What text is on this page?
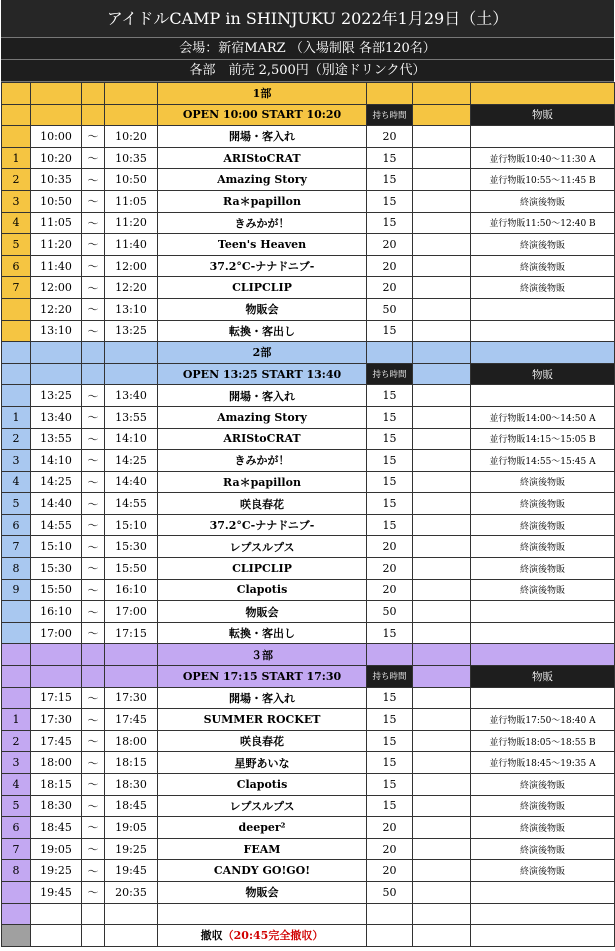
アイドルCAMP in SHINJUKU 2022年1月29日（土）
会場：新宿MARZ （入場制限 各部120名）
各部　前売 2,500円（別途ドリンク代）
				1部			
				OPEN 10:00 START 10:20	持ち時間		物販
	10:00	〜	10:20	開場・客入れ	20		
1	10:20	〜	10:35	ARIStoCRAT	15		並行物販10:40〜11:30 A
2	10:35	〜	10:50	Amazing Story	15		並行物販10:55〜11:45 B
3	10:50	〜	11:05	Ra＊papillon	15		終演後物販
4	11:05	〜	11:20	きみかが！	15		並行物販11:50〜12:40 B
5	11:20	〜	11:40	Teen's Heaven	20		終演後物販
6	11:40	〜	12:00	37.2°C-ナナドニブ-	20		終演後物販
7	12:00	〜	12:20	CLIPCLIP	20		終演後物販
	12:20	〜	13:10	物販会	50		
	13:10	〜	13:25	転換・客出し	15		
				2部			
				OPEN 13:25 START 13:40	持ち時間		物販
	13:25	〜	13:40	開場・客入れ	15		
1	13:40	〜	13:55	Amazing Story	15		並行物販14:00〜14:50 A
2	13:55	〜	14:10	ARIStoCRAT	15		並行物販14:15〜15:05 B
3	14:10	〜	14:25	きみかが！	15		並行物販14:55〜15:45 A
4	14:25	〜	14:40	Ra＊papillon	15		終演後物販
5	14:40	〜	14:55	咲良春花	15		終演後物販
6	14:55	〜	15:10	37.2°C-ナナドニブ-	15		終演後物販
7	15:10	〜	15:30	レプスルプス	20		終演後物販
8	15:30	〜	15:50	CLIPCLIP	20		終演後物販
9	15:50	〜	16:10	Clapotis	20		終演後物販
	16:10	〜	17:00	物販会	50		
	17:00	〜	17:15	転換・客出し	15		
				３部			
				OPEN 17:15 START 17:30	持ち時間		物販
	17:15	〜	17:30	開場・客入れ	15		
1	17:30	〜	17:45	SUMMER ROCKET	15		並行物販17:50〜18:40 A
2	17:45	〜	18:00	咲良春花	15		並行物販18:05〜18:55 B
3	18:00	〜	18:15	星野あいな	15		並行物販18:45〜19:35 A
4	18:15	〜	18:30	Clapotis	15		終演後物販
5	18:30	〜	18:45	レプスルプス	15		終演後物販
6	18:45	〜	19:05	deeper²	20		終演後物販
7	19:05	〜	19:25	FEAM	20		終演後物販
8	19:25	〜	19:45	CANDY GO!GO!	20		終演後物販
	19:45	〜	20:35	物販会	50		

				撤収（20:45完全撤収）			
